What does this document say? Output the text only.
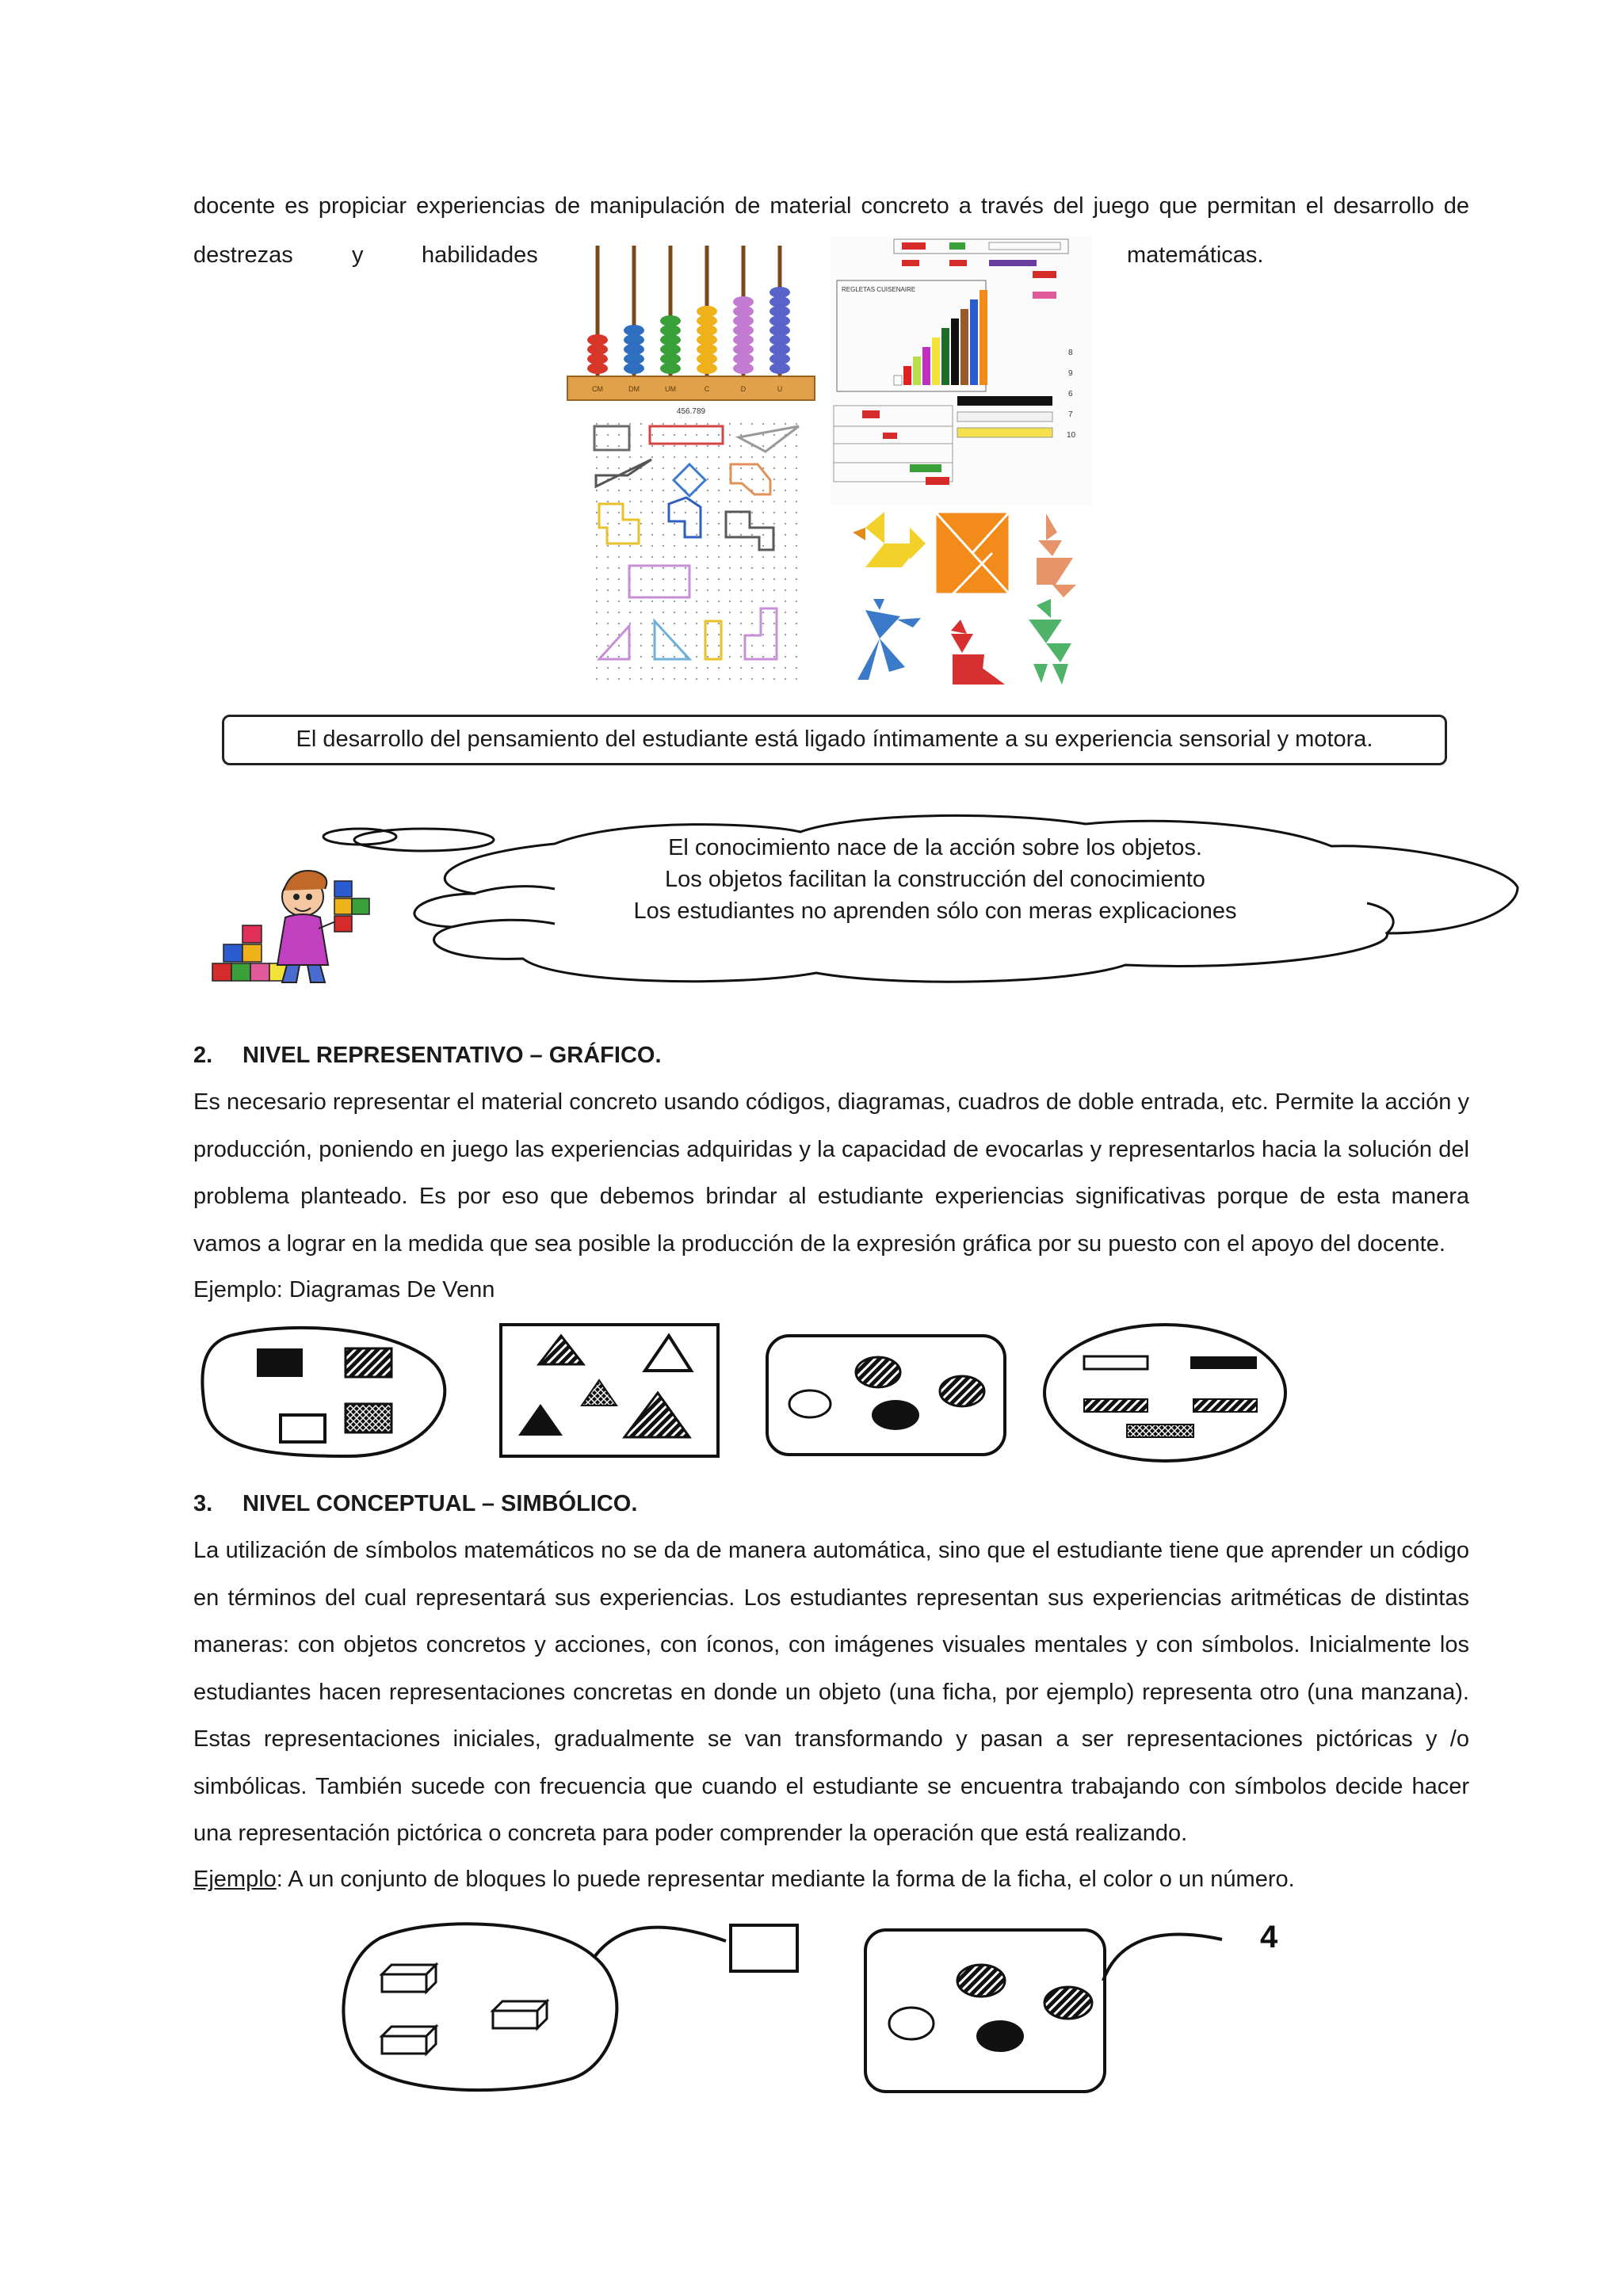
docente es propiciar experiencias de manipulación de material concreto a través del juego que permitan el desarrollo de
destrezas	y	habilidades	matemáticas.
CM	DM	UM	C	D	U
456.789
REGLETAS CUISENAIRE
8
9
6
7
10
El desarrollo del pensamiento del estudiante está ligado íntimamente a su experiencia sensorial y motora.
El conocimiento nace de la acción sobre los objetos.
Los objetos facilitan la construcción del conocimiento
Los estudiantes no aprenden sólo con meras explicaciones
2. NIVEL REPRESENTATIVO – GRÁFICO.
Es necesario representar el material concreto usando códigos, diagramas, cuadros de doble entrada, etc. Permite la acción y producción, poniendo en juego las experiencias adquiridas y la capacidad de evocarlas y representarlos hacia la solución del problema planteado. Es por eso que debemos brindar al estudiante experiencias significativas porque de esta manera vamos a lograr en la medida que sea posible la producción de la expresión gráfica por su puesto con el apoyo del docente.
Ejemplo: Diagramas De Venn
3. NIVEL CONCEPTUAL – SIMBÓLICO.
La utilización de símbolos matemáticos no se da de manera automática, sino que el estudiante tiene que aprender un código en términos del cual representará sus experiencias. Los estudiantes representan sus experiencias aritméticas de distintas maneras: con objetos concretos y acciones, con íconos, con imágenes visuales mentales y con símbolos. Inicialmente los estudiantes hacen representaciones concretas en donde un objeto (una ficha, por ejemplo) representa otro (una manzana). Estas representaciones iniciales, gradualmente se van transformando y pasan a ser representaciones pictóricas y /o simbólicas. También sucede con frecuencia que cuando el estudiante se encuentra trabajando con símbolos decide hacer una representación pictórica o concreta para poder comprender la operación que está realizando.
Ejemplo: A un conjunto de bloques lo puede representar mediante la forma de la ficha, el color o un número.
4
